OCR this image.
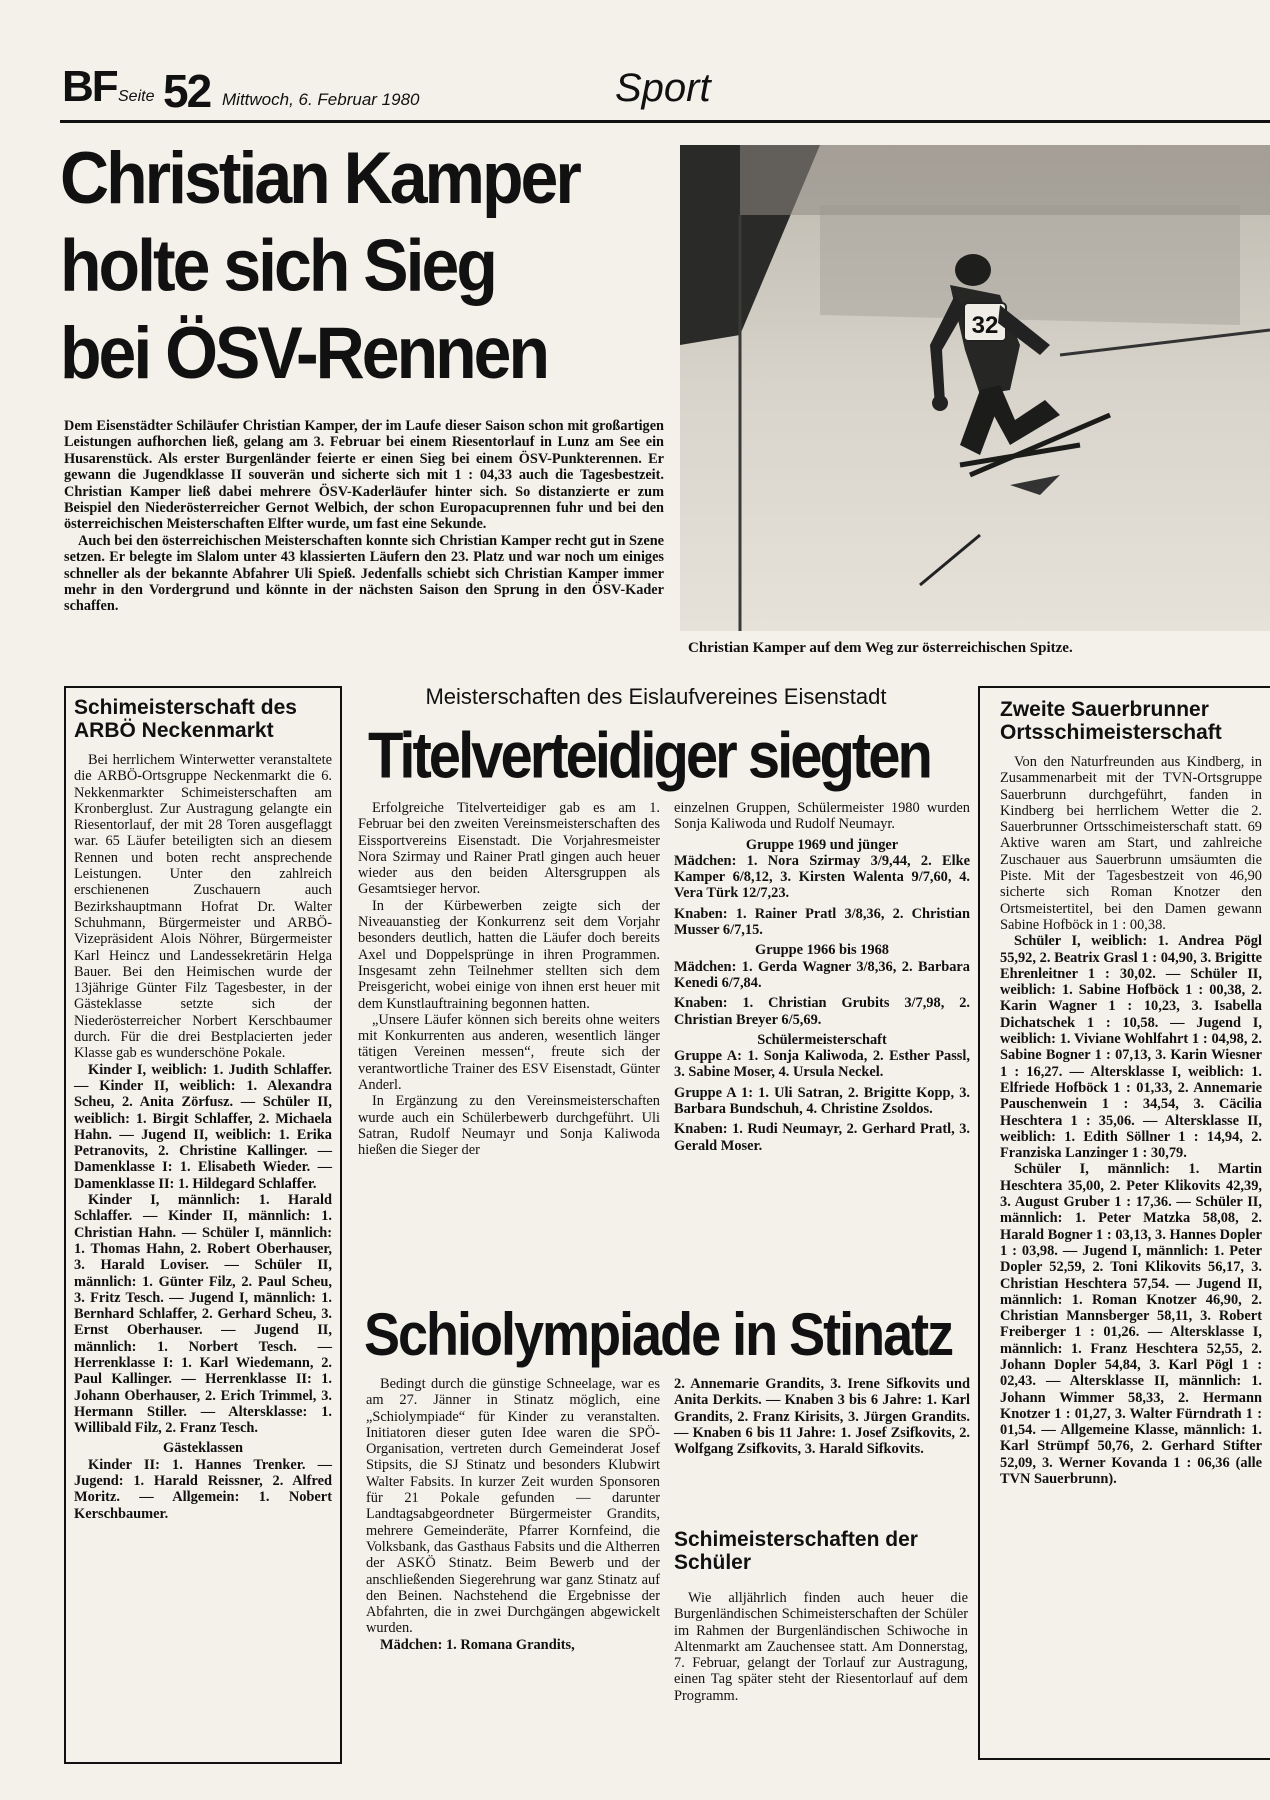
BF Seite 52 Mittwoch, 6. Februar 1980	Sport
Christian Kamper
holte sich Sieg
bei ÖSV-Rennen
Dem Eisenstädter Schiläufer Christian Kamper, der im Laufe dieser Saison schon mit großartigen Leistungen aufhorchen ließ, gelang am 3. Februar bei einem Riesentorlauf in Lunz am See ein Husarenstück. Als erster Burgenländer feierte er einen Sieg bei einem ÖSV-Punkterennen. Er gewann die Jugendklasse II souverän und sicherte sich mit 1 : 04,33 auch die Tagesbestzeit. Christian Kamper ließ dabei mehrere ÖSV-Kaderläufer hinter sich. So distanzierte er zum Beispiel den Niederösterreicher Gernot Welbich, der schon Europacuprennen fuhr und bei den österreichischen Meisterschaften Elfter wurde, um fast eine Sekunde.
Auch bei den österreichischen Meisterschaften konnte sich Christian Kamper recht gut in Szene setzen. Er belegte im Slalom unter 43 klassierten Läufern den 23. Platz und war noch um einiges schneller als der bekannte Abfahrer Uli Spieß. Jedenfalls schiebt sich Christian Kamper immer mehr in den Vordergrund und könnte in der nächsten Saison den Sprung in den ÖSV-Kader schaffen.
32
Christian Kamper auf dem Weg zur österreichischen Spitze.
Schimeisterschaft des ARBÖ Neckenmarkt

Bei herrlichem Winterwetter veranstaltete die ARBÖ-Ortsgruppe Neckenmarkt die 6. Nekkenmarkter Schimeisterschaften am Kronberglust. Zur Austragung gelangte ein Riesentorlauf, der mit 28 Toren ausgeflaggt war. 65 Läufer beteiligten sich an diesem Rennen und boten recht ansprechende Leistungen. Unter den zahlreich erschienenen Zuschauern auch Bezirkshauptmann Hofrat Dr. Walter Schuhmann, Bürgermeister und ARBÖ-Vizepräsident Alois Nöhrer, Bürgermeister Karl Heincz und Landessekretärin Helga Bauer. Bei den Heimischen wurde der 13jährige Günter Filz Tagesbester, in der Gästeklasse setzte sich der Niederösterreicher Norbert Kerschbaumer durch. Für die drei Bestplacierten jeder Klasse gab es wunderschöne Pokale.

Kinder I, weiblich: 1. Judith Schlaffer. — Kinder II, weiblich: 1. Alexandra Scheu, 2. Anita Zörfusz. — Schüler II, weiblich: 1. Birgit Schlaffer, 2. Michaela Hahn. — Jugend II, weiblich: 1. Erika Petranovits, 2. Christine Kallinger. — Damenklasse I: 1. Elisabeth Wieder. — Damenklasse II: 1. Hildegard Schlaffer.

Kinder I, männlich: 1. Harald Schlaffer. — Kinder II, männlich: 1. Christian Hahn. — Schüler I, männlich: 1. Thomas Hahn, 2. Robert Oberhauser, 3. Harald Loviser. — Schüler II, männlich: 1. Günter Filz, 2. Paul Scheu, 3. Fritz Tesch. — Jugend I, männlich: 1. Bernhard Schlaffer, 2. Gerhard Scheu, 3. Ernst Oberhauser. — Jugend II, männlich: 1. Norbert Tesch. — Herrenklasse I: 1. Karl Wiedemann, 2. Paul Kallinger. — Herrenklasse II: 1. Johann Oberhauser, 2. Erich Trimmel, 3. Hermann Stiller. — Altersklasse: 1. Willibald Filz, 2. Franz Tesch.

Gästeklassen

Kinder II: 1. Hannes Trenker. — Jugend: 1. Harald Reissner, 2. Alfred Moritz. — Allgemein: 1. Nobert Kerschbaumer.

Meisterschaften des Eislaufvereines Eisenstadt
Titelverteidiger siegten

Erfolgreiche Titelverteidiger gab es am 1. Februar bei den zweiten Vereinsmeisterschaften des Eissportvereins Eisenstadt. Die Vorjahresmeister Nora Szirmay und Rainer Pratl gingen auch heuer wieder aus den beiden Altersgruppen als Gesamtsieger hervor.

In der Kürbewerben zeigte sich der Niveauanstieg der Konkurrenz seit dem Vorjahr besonders deutlich, hatten die Läufer doch bereits Axel und Doppelsprünge in ihren Programmen. Insgesamt zehn Teilnehmer stellten sich dem Preisgericht, wobei einige von ihnen erst heuer mit dem Kunstlauftraining begonnen hatten.

„Unsere Läufer können sich bereits ohne weiters mit Konkurrenten aus anderen, wesentlich länger tätigen Vereinen messen“, freute sich der verantwortliche Trainer des ESV Eisenstadt, Günter Anderl.

In Ergänzung zu den Vereinsmeisterschaften wurde auch ein Schülerbewerb durchgeführt. Uli Satran, Rudolf Neumayr und Sonja Kaliwoda hießen die Sieger der

einzelnen Gruppen, Schülermeister 1980 wurden Sonja Kaliwoda und Rudolf Neumayr.

Gruppe 1969 und jünger

Mädchen: 1. Nora Szirmay 3/9,44, 2. Elke Kamper 6/8,12, 3. Kirsten Walenta 9/7,60, 4. Vera Türk 12/7,23.

Knaben: 1. Rainer Pratl 3/8,36, 2. Christian Musser 6/7,15.

Gruppe 1966 bis 1968

Mädchen: 1. Gerda Wagner 3/8,36, 2. Barbara Kenedi 6/7,84.

Knaben: 1. Christian Grubits 3/7,98, 2. Christian Breyer 6/5,69.

Schülermeisterschaft

Gruppe A: 1. Sonja Kaliwoda, 2. Esther Passl, 3. Sabine Moser, 4. Ursula Neckel.

Gruppe A 1: 1. Uli Satran, 2. Brigitte Kopp, 3. Barbara Bundschuh, 4. Christine Zsoldos.

Knaben: 1. Rudi Neumayr, 2. Gerhard Pratl, 3. Gerald Moser.

Schiolympiade in Stinatz

Bedingt durch die günstige Schneelage, war es am 27. Jänner in Stinatz möglich, eine „Schiolympiade“ für Kinder zu veranstalten. Initiatoren dieser guten Idee waren die SPÖ-Organisation, vertreten durch Gemeinderat Josef Stipsits, die SJ Stinatz und besonders Klubwirt Walter Fabsits. In kurzer Zeit wurden Sponsoren für 21 Pokale gefunden — darunter Landtagsabgeordneter Bürgermeister Grandits, mehrere Gemeinderäte, Pfarrer Kornfeind, die Volksbank, das Gasthaus Fabsits und die Altherren der ASKÖ Stinatz. Beim Bewerb und der anschließenden Siegerehrung war ganz Stinatz auf den Beinen. Nachstehend die Ergebnisse der Abfahrten, die in zwei Durchgängen abgewickelt wurden.

Mädchen: 1. Romana Grandits,

2. Annemarie Grandits, 3. Irene Sifkovits und Anita Derkits. — Knaben 3 bis 6 Jahre: 1. Karl Grandits, 2. Franz Kirisits, 3. Jürgen Grandits. — Knaben 6 bis 11 Jahre: 1. Josef Zsifkovits, 2. Wolfgang Zsifkovits, 3. Harald Sifkovits.

Schimeisterschaften der Schüler

Wie alljährlich finden auch heuer die Burgenländischen Schimeisterschaften der Schüler im Rahmen der Burgenländischen Schiwoche in Altenmarkt am Zauchensee statt. Am Donnerstag, 7. Februar, gelangt der Torlauf zur Austragung, einen Tag später steht der Riesentorlauf auf dem Programm.

Zweite Sauerbrunner Ortsschimeisterschaft

Von den Naturfreunden aus Kindberg, in Zusammenarbeit mit der TVN-Ortsgruppe Sauerbrunn durchgeführt, fanden in Kindberg bei herrlichem Wetter die 2. Sauerbrunner Ortsschimeisterschaft statt. 69 Aktive waren am Start, und zahlreiche Zuschauer aus Sauerbrunn umsäumten die Piste. Mit der Tagesbestzeit von 46,90 sicherte sich Roman Knotzer den Ortsmeistertitel, bei den Damen gewann Sabine Hofböck in 1 : 00,38.

Schüler I, weiblich: 1. Andrea Pögl 55,92, 2. Beatrix Grasl 1 : 04,90, 3. Brigitte Ehrenleitner 1 : 30,02. — Schüler II, weiblich: 1. Sabine Hofböck 1 : 00,38, 2. Karin Wagner 1 : 10,23, 3. Isabella Dichatschek 1 : 10,58. — Jugend I, weiblich: 1. Viviane Wohlfahrt 1 : 04,98, 2. Sabine Bogner 1 : 07,13, 3. Karin Wiesner 1 : 16,27. — Altersklasse I, weiblich: 1. Elfriede Hofböck 1 : 01,33, 2. Annemarie Pauschenwein 1 : 34,54, 3. Cäcilia Heschtera 1 : 35,06. — Altersklasse II, weiblich: 1. Edith Söllner 1 : 14,94, 2. Franziska Lanzinger 1 : 30,79.

Schüler I, männlich: 1. Martin Heschtera 35,00, 2. Peter Klikovits 42,39, 3. August Gruber 1 : 17,36. — Schüler II, männlich: 1. Peter Matzka 58,08, 2. Harald Bogner 1 : 03,13, 3. Hannes Dopler 1 : 03,98. — Jugend I, männlich: 1. Peter Dopler 52,59, 2. Toni Klikovits 56,17, 3. Christian Heschtera 57,54. — Jugend II, männlich: 1. Roman Knotzer 46,90, 2. Christian Mannsberger 58,11, 3. Robert Freiberger 1 : 01,26. — Altersklasse I, männlich: 1. Franz Heschtera 52,55, 2. Johann Dopler 54,84, 3. Karl Pögl 1 : 02,43. — Altersklasse II, männlich: 1. Johann Wimmer 58,33, 2. Hermann Knotzer 1 : 01,27, 3. Walter Fürndrath 1 : 01,54. — Allgemeine Klasse, männlich: 1. Karl Strümpf 50,76, 2. Gerhard Stifter 52,09, 3. Werner Kovanda 1 : 06,36 (alle TVN Sauerbrunn).
